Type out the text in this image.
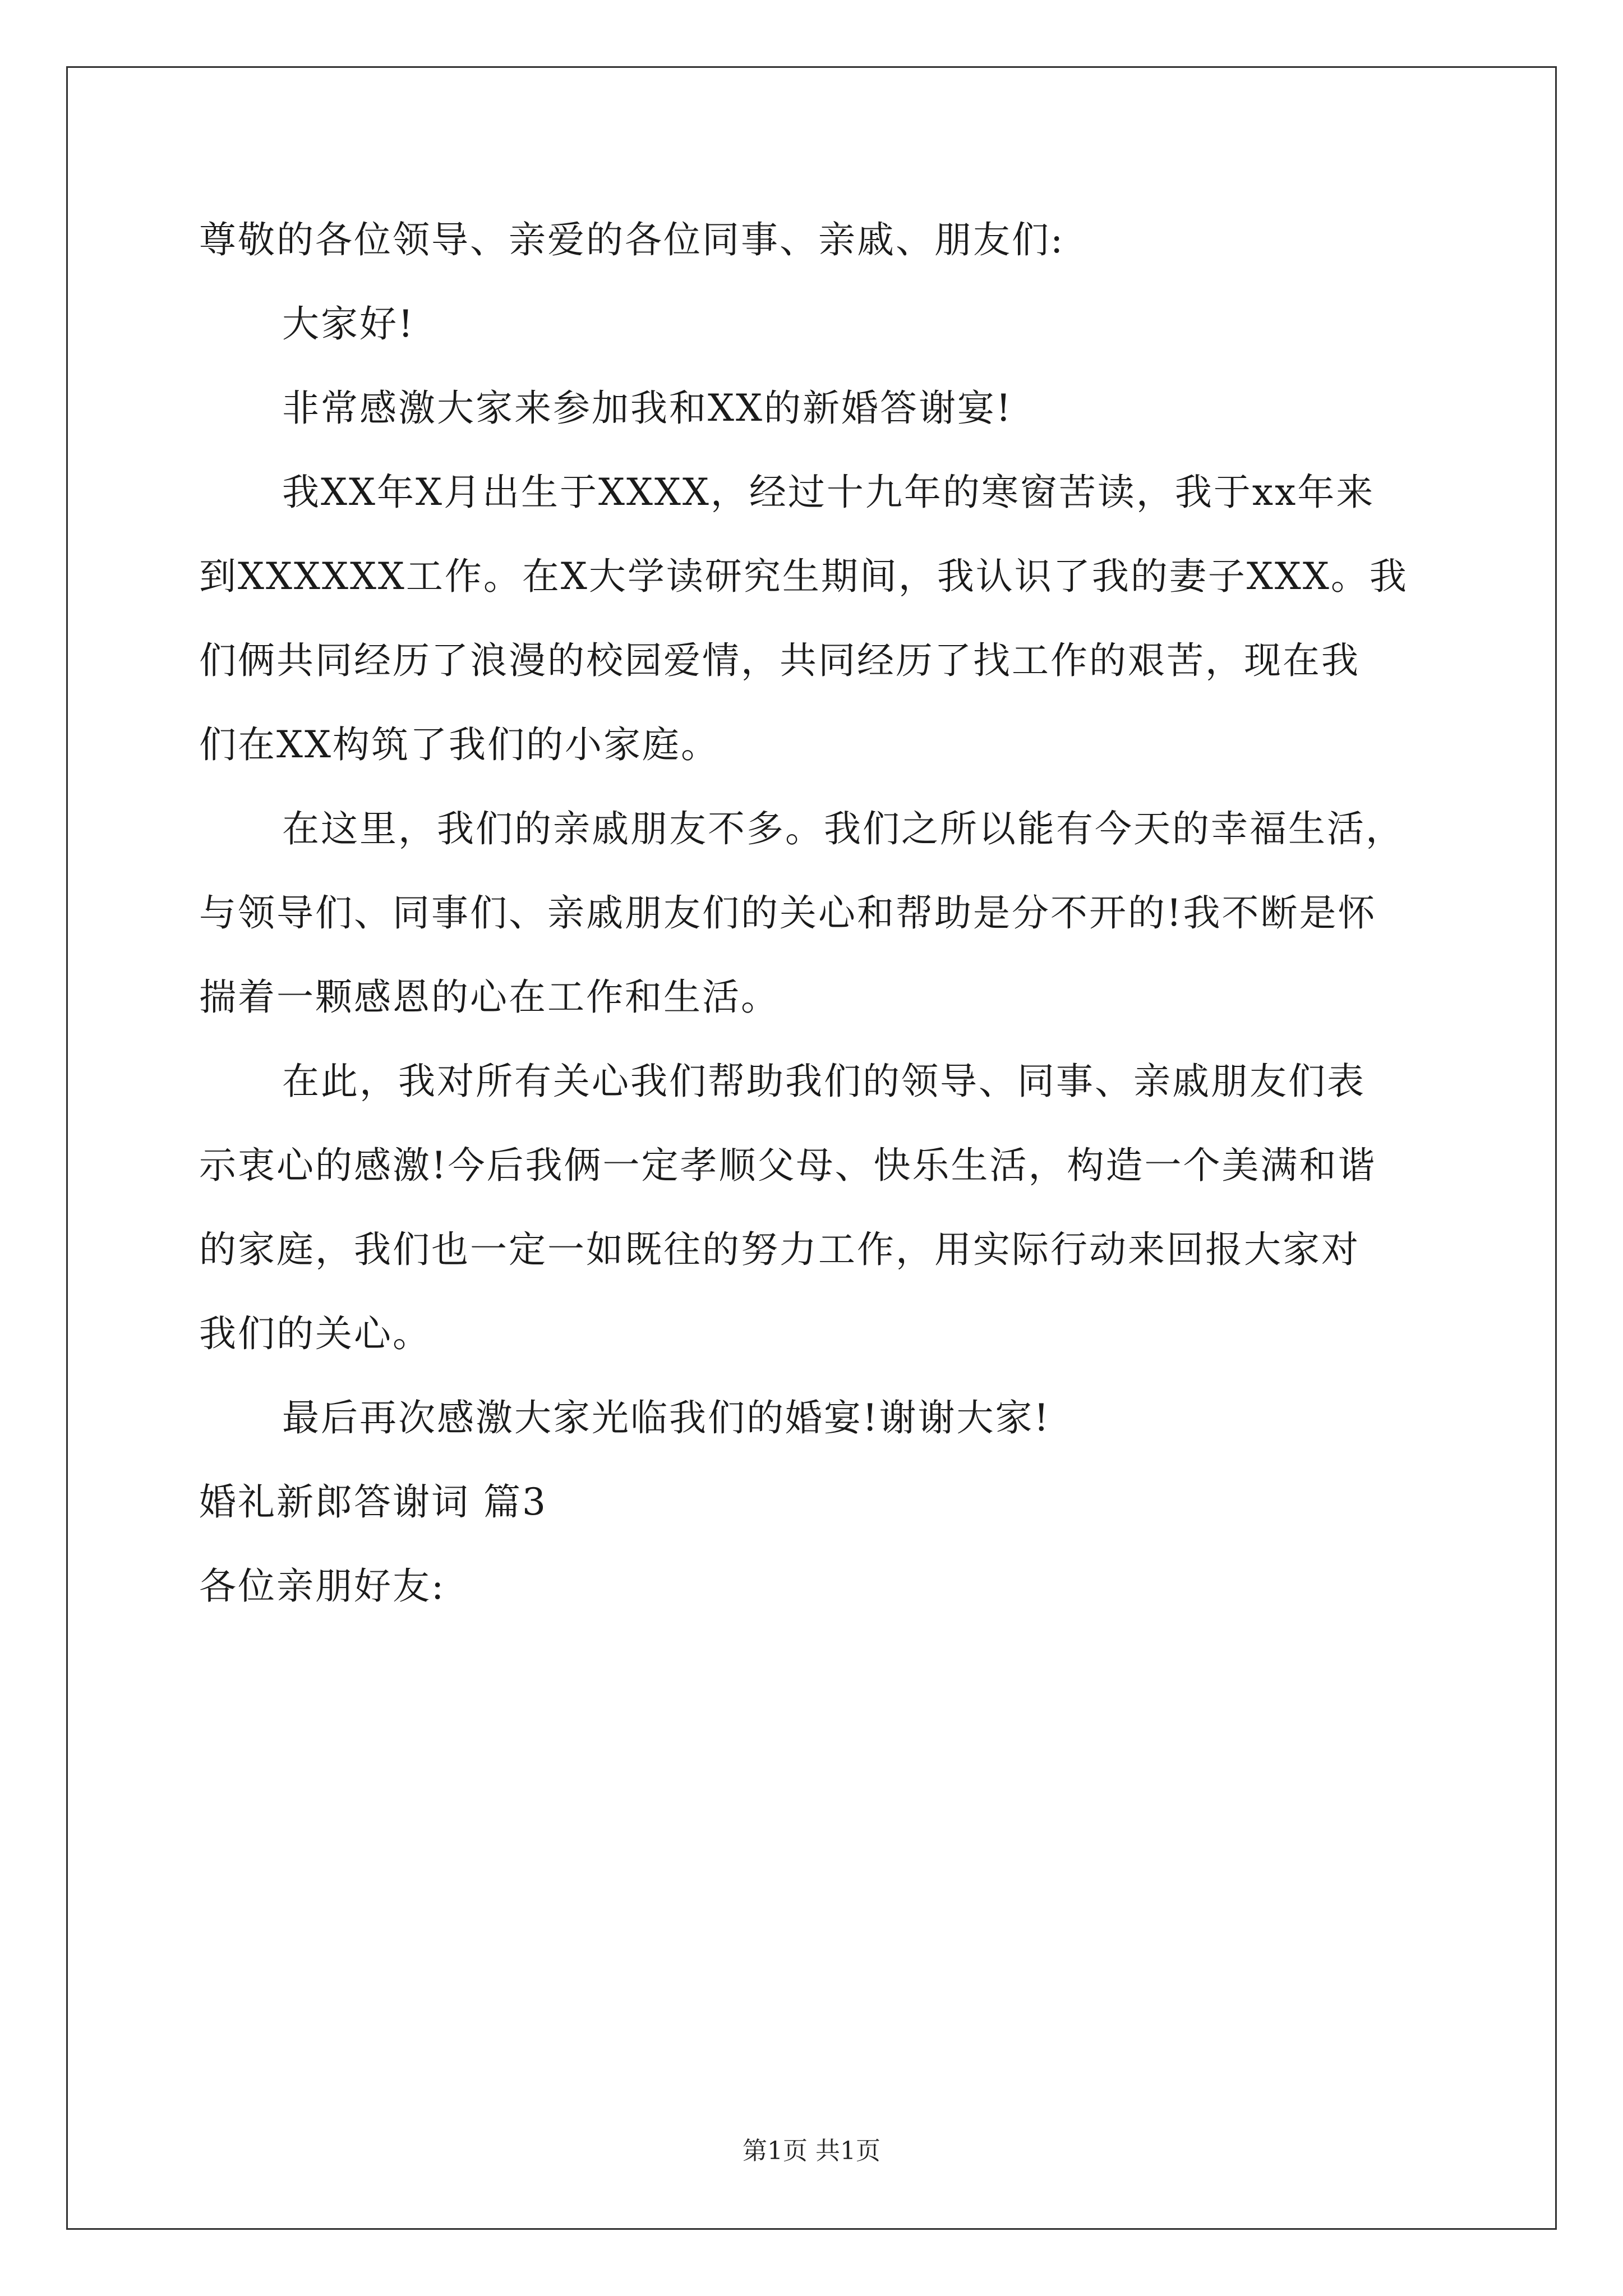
尊敬的各位领导、亲爱的各位同事、亲戚、朋友们:
大家好!
非常感激大家来参加我和XX的新婚答谢宴!
我XX年X月出生于XXXX，经过十九年的寒窗苦读，我于xx年来
到XXXXXX工作。在X大学读研究生期间，我认识了我的妻子XXX。我
们俩共同经历了浪漫的校园爱情，共同经历了找工作的艰苦，现在我
们在XX构筑了我们的小家庭。
在这里，我们的亲戚朋友不多。我们之所以能有今天的幸福生活，
与领导们、同事们、亲戚朋友们的关心和帮助是分不开的!我不断是怀
揣着一颗感恩的心在工作和生活。
在此，我对所有关心我们帮助我们的领导、同事、亲戚朋友们表
示衷心的感激!今后我俩一定孝顺父母、快乐生活，构造一个美满和谐
的家庭，我们也一定一如既往的努力工作，用实际行动来回报大家对
我们的关心。
最后再次感激大家光临我们的婚宴!谢谢大家!
婚礼新郎答谢词 篇3
各位亲朋好友:
第1页 共1页
